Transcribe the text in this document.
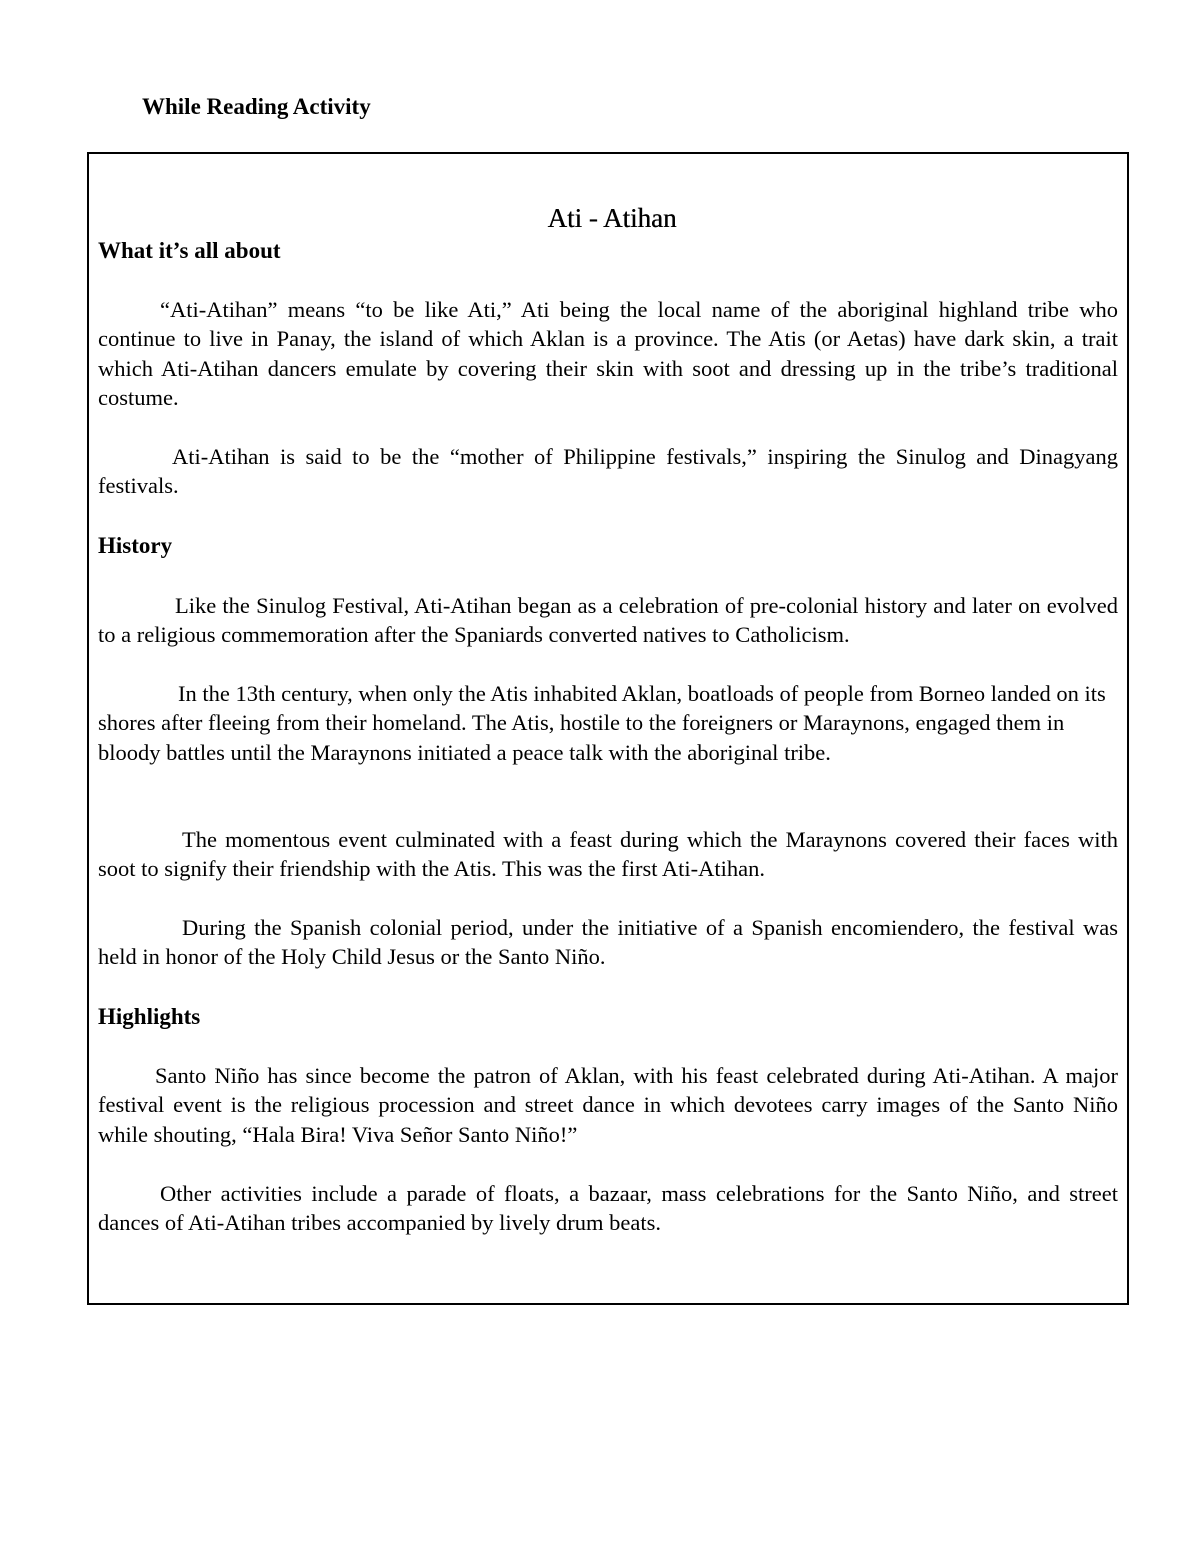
While Reading Activity
Ati - Atihan
What it’s all about

“Ati-Atihan” means “to be like Ati,” Ati being the local name of the aboriginal highland tribe who continue to live in Panay, the island of which Aklan is a province. The Atis (or Aetas) have dark skin, a trait which Ati-Atihan dancers emulate by covering their skin with soot and dressing up in the tribe’s traditional costume.

Ati-Atihan is said to be the “mother of Philippine festivals,” inspiring the Sinulog and Dinagyang festivals.

History

Like the Sinulog Festival, Ati-Atihan began as a celebration of pre-colonial history and later on evolved to a religious commemoration after the Spaniards converted natives to Catholicism.

In the 13th century, when only the Atis inhabited Aklan, boatloads of people from Borneo landed on its shores after fleeing from their homeland. The Atis, hostile to the foreigners or Maraynons, engaged them in bloody battles until the Maraynons initiated a peace talk with the aboriginal tribe.

The momentous event culminated with a feast during which the Maraynons covered their faces with soot to signify their friendship with the Atis. This was the first Ati-Atihan.

During the Spanish colonial period, under the initiative of a Spanish encomiendero, the festival was held in honor of the Holy Child Jesus or the Santo Niño.

Highlights

Santo Niño has since become the patron of Aklan, with his feast celebrated during Ati-Atihan. A major festival event is the religious procession and street dance in which devotees carry images of the Santo Niño while shouting, “Hala Bira! Viva Señor Santo Niño!”

Other activities include a parade of floats, a bazaar, mass celebrations for the Santo Niño, and street dances of Ati-Atihan tribes accompanied by lively drum beats.
